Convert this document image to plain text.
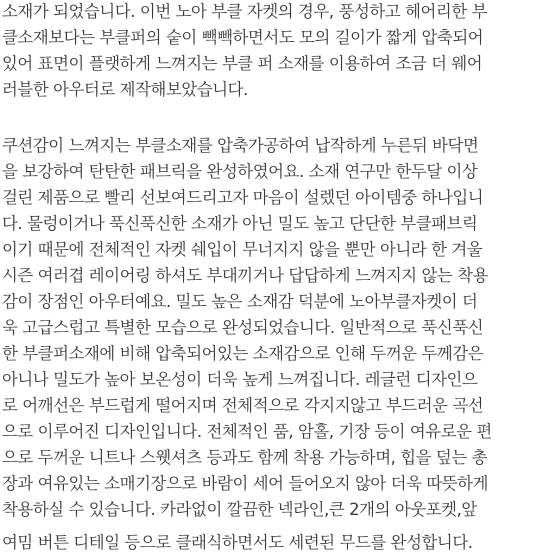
소재가 되었습니다. 이번 노아 부클 자켓의 경우, 풍성하고 헤어리한 부
클소재보다는 부클퍼의 숱이 빽빽하면서도 모의 길이가 짧게 압축되어
있어 표면이 플랫하게 느껴지는 부클 퍼 소재를 이용하여 조금 더 웨어
러블한 아우터로 제작해보았습니다.
쿠션감이 느껴지는 부클소재를 압축가공하여 납작하게 누른뒤 바닥면
을 보강하여 탄탄한 패브릭을 완성하였어요. 소재 연구만 한두달 이상
걸린 제품으로 빨리 선보여드리고자 마음이 설렜던 아이템중 하나입니
다. 물렁이거나 푹신푹신한 소재가 아닌 밀도 높고 단단한 부클패브릭
이기 때문에 전체적인 자켓 쉐입이 무너지지 않을 뿐만 아니라 한 겨울
시즌 여러겹 레이어링 하셔도 부대끼거나 답답하게 느껴지지 않는 착용
감이 장점인 아우터예요. 밀도 높은 소재감 덕분에 노아부클자켓이 더
욱 고급스럽고 특별한 모습으로 완성되었습니다. 일반적으로 푹신푹신
한 부클퍼소재에 비해 압축되어있는 소재감으로 인해 두꺼운 두께감은
아니나 밀도가 높아 보온성이 더욱 높게 느껴집니다. 레글런 디자인으
로 어깨선은 부드럽게 떨어지며 전체적으로 각지지않고 부드러운 곡선
으로 이루어진 디자인입니다. 전체적인 품, 암홀, 기장 등이 여유로운 편
으로 두꺼운 니트나 스웻셔츠 등과도 함께 착용 가능하며, 힙을 덮는 총
장과 여유있는 소매기장으로 바람이 세어 들어오지 않아 더욱 따뜻하게
착용하실 수 있습니다. 카라없이 깔끔한 넥라인,큰 2개의 아웃포켓,앞
여밈 버튼 디테일 등으로 클래식하면서도 세련된 무드를 완성합니다.
